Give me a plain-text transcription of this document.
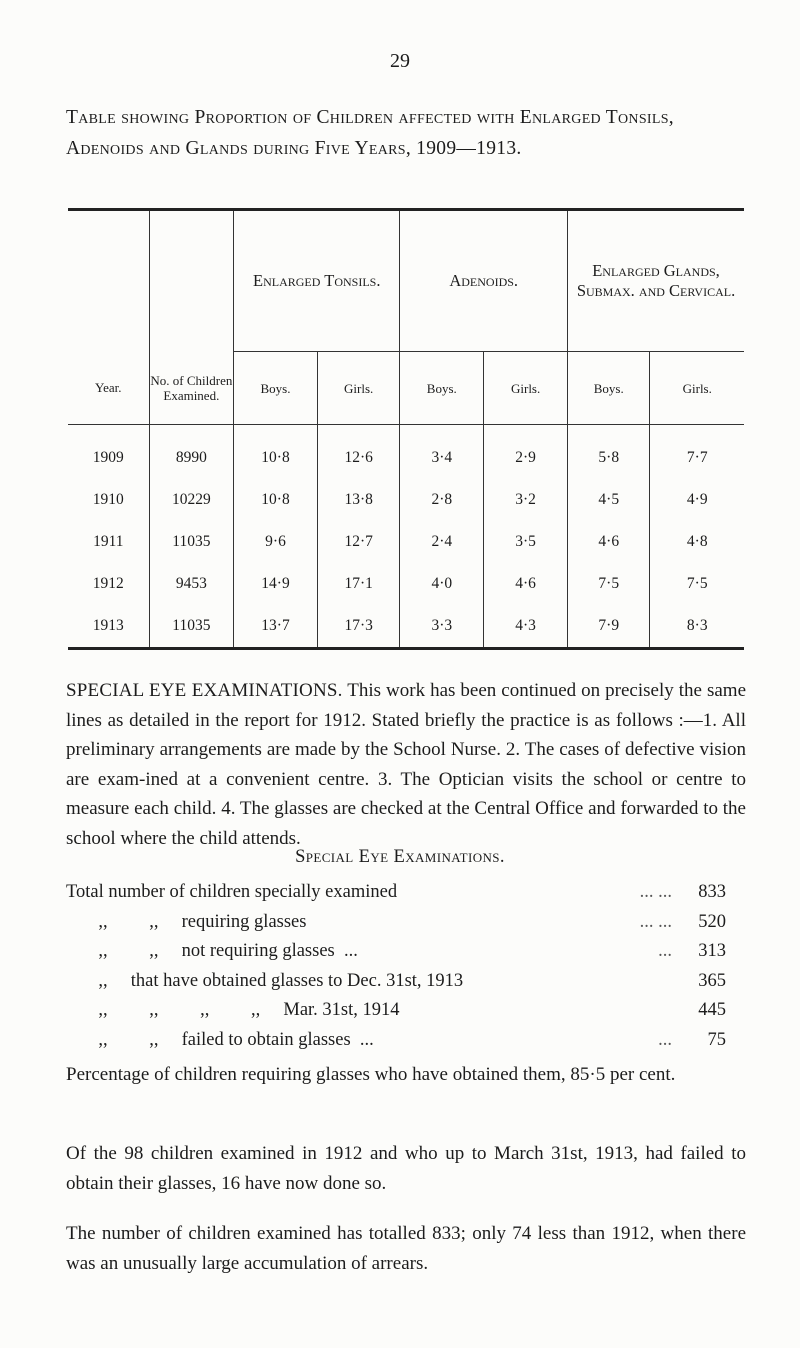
29
Table showing Proportion of Children affected with Enlarged Tonsils, Adenoids and Glands during Five Years, 1909—1913.
		Enlarged Tonsils.		Adenoids.		Enlarged Glands, Submax. and Cervical.	
Year.	No. of Children Examined.	Boys.	Girls.	Boys.	Girls.	Boys.	Girls.
1909	8990	10·8	12·6	3·4	2·9	5·8	7·7
1910	10229	10·8	13·8	2·8	3·2	4·5	4·9
1911	11035	9·6	12·7	2·4	3·5	4·6	4·8
1912	9453	14·9	17·1	4·0	4·6	7·5	7·5
1913	11035	13·7	17·3	3·3	4·3	7·9	8·3

SPECIAL EYE EXAMINATIONS. This work has been continued on precisely the same lines as detailed in the report for 1912. Stated briefly the practice is as follows :—1. All preliminary arrangements are made by the School Nurse. 2. The cases of defective vision are exam-ined at a convenient centre. 3. The Optician visits the school or centre to measure each child. 4. The glasses are checked at the Central Office and forwarded to the school where the child attends.

Special Eye Examinations.
Total number of children specially examined	... ... 833
,,         ,,     requiring glasses	... ... 520
,,         ,,     not requiring glasses  ...	... 313
,,     that have obtained glasses to Dec. 31st, 1913	365
,,         ,,         ,,         ,,     Mar. 31st, 1914	445
,,         ,,     failed to obtain glasses  ...	... 75

Percentage of children requiring glasses who have obtained them, 85·5 per cent.

Of the 98 children examined in 1912 and who up to March 31st, 1913, had failed to obtain their glasses, 16 have now done so.

The number of children examined has totalled 833; only 74 less than 1912, when there was an unusually large accumulation of arrears.
